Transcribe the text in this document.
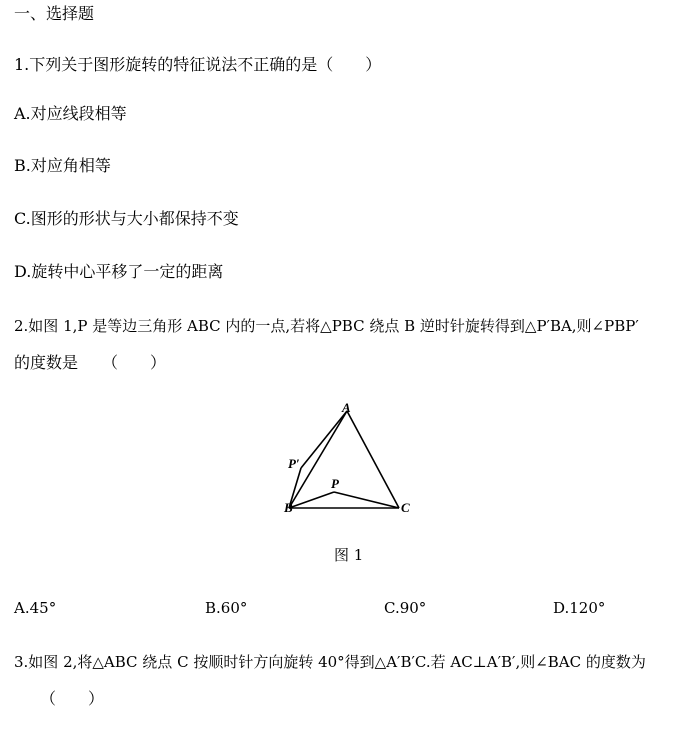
一、选择题
1.下列关于图形旋转的特征说法不正确的是（　　）
A.对应线段相等
B.对应角相等
C.图形的形状与大小都保持不变
D.旋转中心平移了一定的距离
2.如图 1,P 是等边三角形 ABC 内的一点,若将△PBC 绕点 B 逆时针旋转得到△P′BA,则∠PBP′
的度数是　　（　　）
A
P′
P
B	C
图 1
A.45°	B.60°	C.90°	D.120°
3.如图 2,将△ABC 绕点 C 按顺时针方向旋转 40°得到△A′B′C.若 AC⊥A′B′,则∠BAC 的度数为
（　　）
